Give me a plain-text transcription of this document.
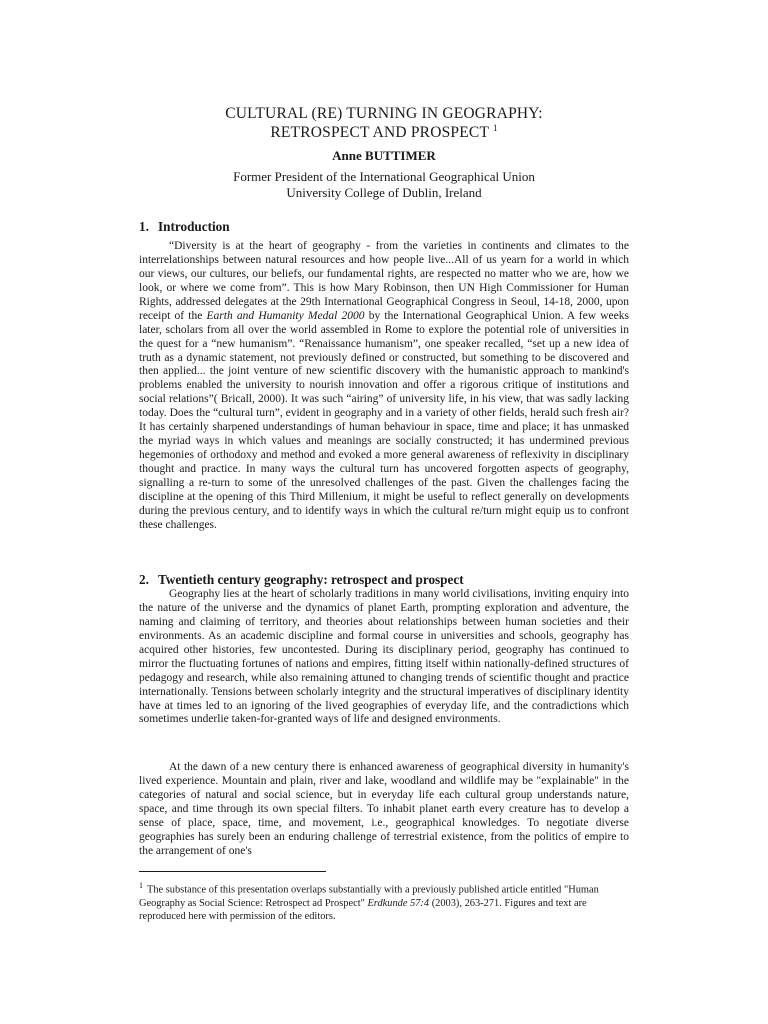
CULTURAL (RE) TURNING IN GEOGRAPHY:
RETROSPECT AND PROSPECT $^1$
Anne BUTTIMER
Former President of the International Geographical Union
University College of Dublin, Ireland
1. Introduction

“Diversity is at the heart of geography - from the varieties in continents and climates to the interrelationships between natural resources and how people live...All of us yearn for a world in which our views, our cultures, our beliefs, our fundamental rights, are respected no matter who we are, how we look, or where we come from”. This is how Mary Robinson, then UN High Commissioner for Human Rights, addressed delegates at the 29th International Geographical Congress in Seoul, 14-18, 2000, upon receipt of the Earth and Humanity Medal 2000 by the International Geographical Union. A few weeks later, scholars from all over the world assembled in Rome to explore the potential role of universities in the quest for a “new humanism”. “Renaissance humanism”, one speaker recalled, “set up a new idea of truth as a dynamic statement, not previously defined or constructed, but something to be discovered and then applied... the joint venture of new scientific discovery with the humanistic approach to mankind's problems enabled the university to nourish innovation and offer a rigorous critique of institutions and social relations”( Bricall, 2000). It was such “airing” of university life, in his view, that was sadly lacking today. Does the “cultural turn”, evident in geography and in a variety of other fields, herald such fresh air? It has certainly sharpened understandings of human behaviour in space, time and place; it has unmasked the myriad ways in which values and meanings are socially constructed; it has undermined previous hegemonies of orthodoxy and method and evoked a more general awareness of reflexivity in disciplinary thought and practice. In many ways the cultural turn has uncovered forgotten aspects of geography, signalling a re-turn to some of the unresolved challenges of the past. Given the challenges facing the discipline at the opening of this Third Millenium, it might be useful to reflect generally on developments during the previous century, and to identify ways in which the cultural re/turn might equip us to confront these challenges.

2. Twentieth century geography: retrospect and prospect

Geography lies at the heart of scholarly traditions in many world civilisations, inviting enquiry into the nature of the universe and the dynamics of planet Earth, prompting exploration and adventure, the naming and claiming of territory, and theories about relationships between human societies and their environments. As an academic discipline and formal course in universities and schools, geography has acquired other histories, few uncontested. During its disciplinary period, geography has continued to mirror the fluctuating fortunes of nations and empires, fitting itself within nationally-defined structures of pedagogy and research, while also remaining attuned to changing trends of scientific thought and practice internationally. Tensions between scholarly integrity and the structural imperatives of disciplinary identity have at times led to an ignoring of the lived geographies of everyday life, and the contradictions which sometimes underlie taken-for-granted ways of life and designed environments.

At the dawn of a new century there is enhanced awareness of geographical diversity in humanity's lived experience. Mountain and plain, river and lake, woodland and wildlife may be "explainable" in the categories of natural and social science, but in everyday life each cultural group understands nature, space, and time through its own special filters. To inhabit planet earth every creature has to develop a sense of place, space, time, and movement, i.e., geographical knowledges. To negotiate diverse geographies has surely been an enduring challenge of terrestrial existence, from the politics of empire to the arrangement of one's

$^1$ The substance of this presentation overlaps substantially with a previously published article entitled "Human Geography as Social Science: Retrospect ad Prospect" Erdkunde 57:4 (2003), 263-271. Figures and text are reproduced here with permission of the editors.
